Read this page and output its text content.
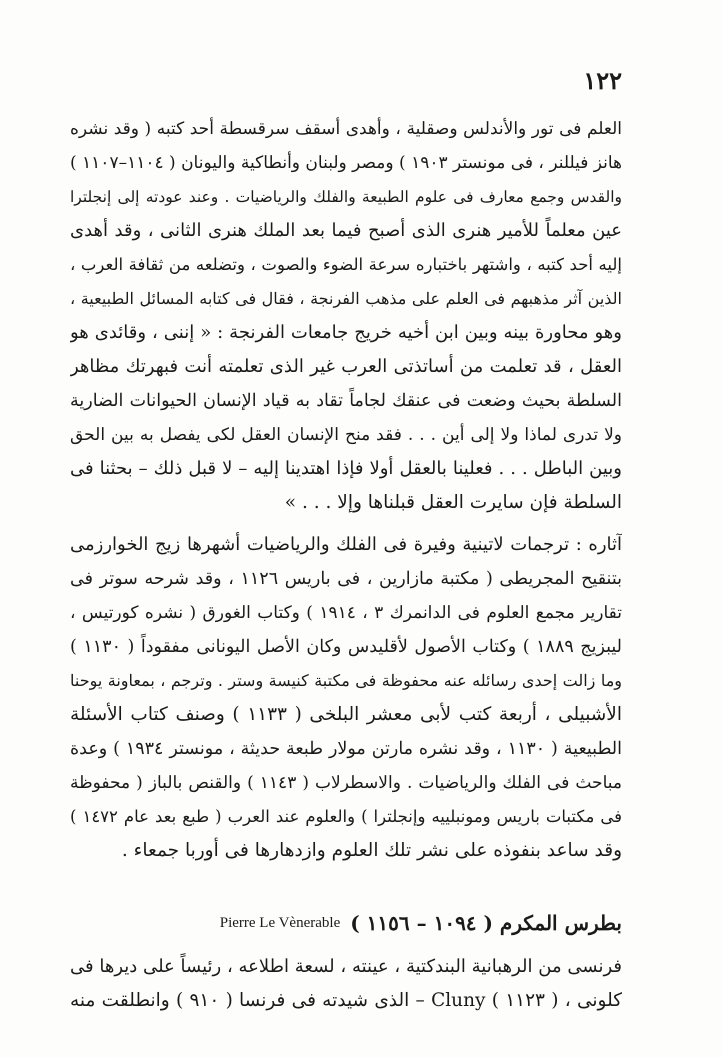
١٢٢
العلم فى تور والأندلس وصقلية ، وأهدى أسقف سرقسطة أحد كتبه ( وقد نشره
هانز فيللنر ، فى مونستر ١٩٠٣ ) ومصر ولبنان وأنطاكية واليونان ( ١١٠٤–١١٠٧ )
والقدس وجمع معارف فى علوم الطبيعة والفلك والرياضيات . وعند عودته إلى إنجلترا
عين معلماً للأمير هنرى الذى أصبح فيما بعد الملك هنرى الثانى ، وقد أهدى
إليه أحد كتبه ، واشتهر باختباره سرعة الضوء والصوت ، وتضلعه من ثقافة العرب ،
الذين آثر مذهبهم فى العلم على مذهب الفرنجة ، فقال فى كتابه المسائل الطبيعية ،
وهو محاورة بينه وبين ابن أخيه خريج جامعات الفرنجة : « إننى ، وقائدى هو
العقل ، قد تعلمت من أساتذتى العرب غير الذى تعلمته أنت فبهرتك مظاهر
السلطة بحيث وضعت فى عنقك لجاماً تقاد به قياد الإنسان الحيوانات الضارية
ولا تدرى لماذا ولا إلى أين . . . فقد منح الإنسان العقل لكى يفصل به بين الحق
وبين الباطل . . . فعلينا بالعقل أولا فإذا اهتدينا إليه – لا قبل ذلك – بحثنا فى
السلطة فإن سايرت العقل قبلناها وإلا . . . »
آثاره : ترجمات لاتينية وفيرة فى الفلك والرياضيات أشهرها زيج الخوارزمى
بتنقيح المجريطى ( مكتبة مازارين ، فى باريس ١١٢٦ ، وقد شرحه سوتر فى
تقارير مجمع العلوم فى الدانمرك ٣ ، ١٩١٤ ) وكتاب الغورق ( نشره كورتيس ،
ليبزيج ١٨٨٩ ) وكتاب الأصول لأقليدس وكان الأصل اليونانى مفقوداً ( ١١٣٠ )
وما زالت إحدى رسائله عنه محفوظة فى مكتبة كنيسة وستر . وترجم ، بمعاونة يوحنا
الأشبيلى ، أربعة كتب لأبى معشر البلخى ( ١١٣٣ ) وصنف كتاب الأسئلة
الطبيعية ( ١١٣٠ ، وقد نشره مارتن مولار طبعة حديثة ، مونستر ١٩٣٤ ) وعدة
مباحث فى الفلك والرياضيات . والاسطرلاب ( ١١٤٣ ) والقنص بالباز ( محفوظة
فى مكتبات باريس ومونبلييه وإنجلترا ) والعلوم عند العرب ( طبع بعد عام ١٤٧٢ )
وقد ساعد بنفوذه على نشر تلك العلوم وازدهارها فى أوربا جمعاء .
بطرس المكرم ( ١٠٩٤ – ١١٥٦ )
Pierre Le Vènerable
فرنسى من الرهبانية البندكتية ، عينته ، لسعة اطلاعه ، رئيساً على ديرها فى
كلونى ، ( ١١٢٣ ) Cluny – الذى شيدته فى فرنسا ( ٩١٠ ) وانطلقت منه
